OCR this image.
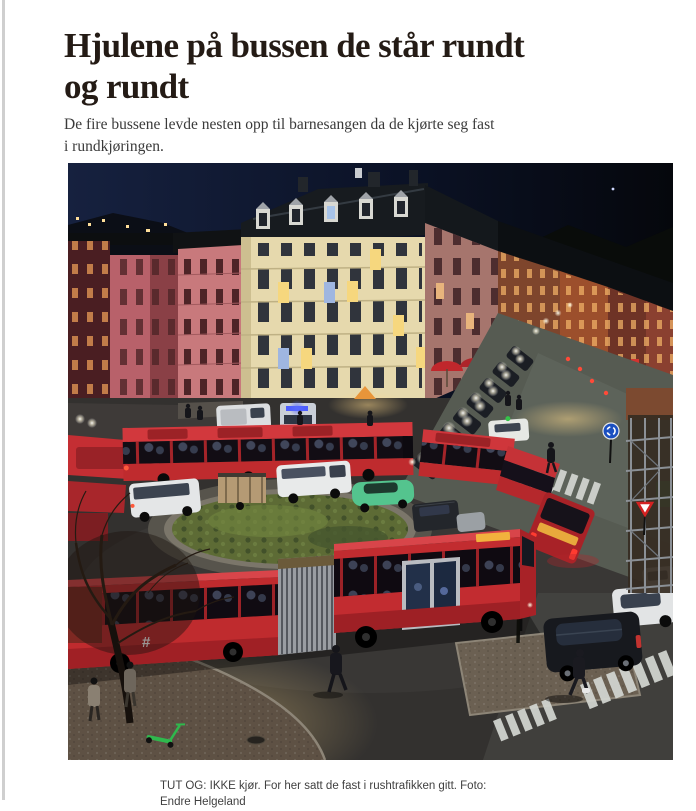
Hjulene på bussen de står rundt
og rundt

De fire bussene levde nesten opp til barnesangen da de kjørte seg fast
i rundkjøringen.

#

TUT OG: IKKE kjør. For her satt de fast i rushtrafikken gitt. Foto:
Endre Helgeland
